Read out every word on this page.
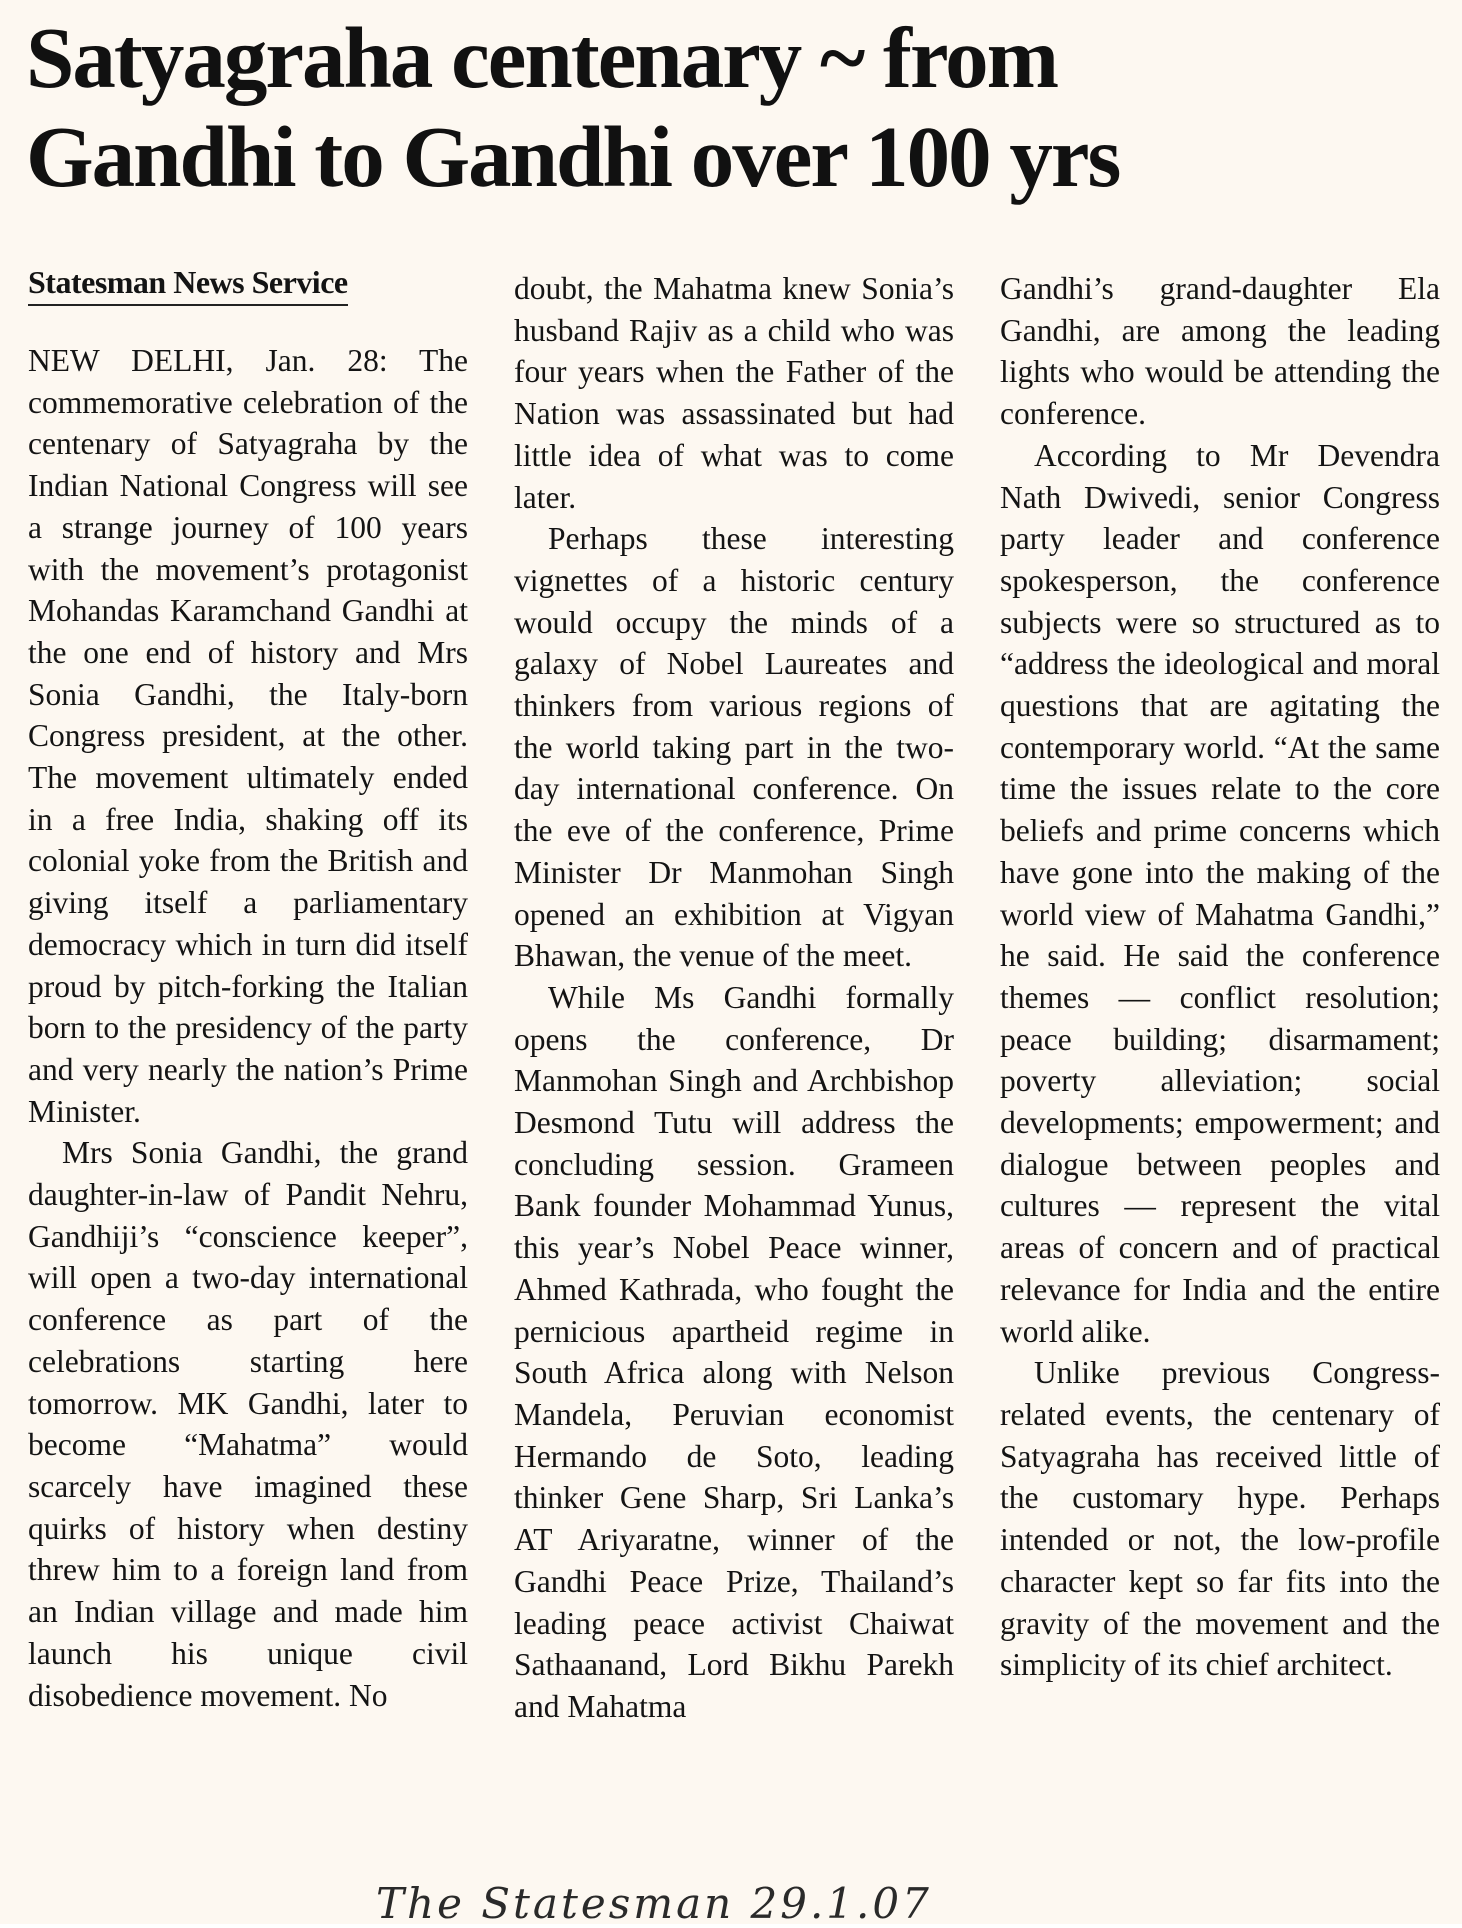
Satyagraha centenary ~ from
Gandhi to Gandhi over 100 yrs
Statesman News Service

NEW DELHI, Jan. 28: The commemorative celebration of the centenary of Satyagraha by the Indian National Congress will see a strange journey of 100 years with the movement’s protagonist Mohandas Karamchand Gandhi at the one end of history and Mrs Sonia Gandhi, the Italy-born Congress president, at the other. The movement ultimately ended in a free India, shaking off its colonial yoke from the British and giving itself a parliamentary democracy which in turn did itself proud by pitch-forking the Italian born to the presidency of the party and very nearly the nation’s Prime Minister.

Mrs Sonia Gandhi, the grand daughter-in-law of Pandit Nehru, Gandhiji’s “conscience keeper”, will open a two-day international conference as part of the celebrations starting here tomorrow. MK Gandhi, later to become “Mahatma” would scarcely have imagined these quirks of history when destiny threw him to a foreign land from an Indian village and made him launch his unique civil disobedience movement. No

doubt, the Mahatma knew Sonia’s husband Rajiv as a child who was four years when the Father of the Nation was assassinated but had little idea of what was to come later.

Perhaps these interesting vignettes of a historic century would occupy the minds of a galaxy of Nobel Laureates and thinkers from various regions of the world taking part in the two-day international conference. On the eve of the conference, Prime Minister Dr Manmohan Singh opened an exhibition at Vigyan Bhawan, the venue of the meet.

While Ms Gandhi formally opens the conference, Dr Manmohan Singh and Archbishop Desmond Tutu will address the concluding session. Grameen Bank founder Mohammad Yunus, this year’s Nobel Peace winner, Ahmed Kathrada, who fought the pernicious apartheid regime in South Africa along with Nelson Mandela, Peruvian economist Hermando de Soto, leading thinker Gene Sharp, Sri Lanka’s AT Ariyaratne, winner of the Gandhi Peace Prize, Thailand’s leading peace activist Chaiwat Sathaanand, Lord Bikhu Parekh and Mahatma

Gandhi’s grand-daughter Ela Gandhi, are among the leading lights who would be attending the conference.

According to Mr Devendra Nath Dwivedi, senior Congress party leader and conference spokesperson, the conference subjects were so structured as to “address the ideological and moral questions that are agitating the contemporary world. “At the same time the issues relate to the core beliefs and prime concerns which have gone into the making of the world view of Mahatma Gandhi,” he said. He said the conference themes — conflict resolution; peace building; disarmament; poverty alleviation; social developments; empowerment; and dialogue between peoples and cultures — represent the vital areas of concern and of practical relevance for India and the entire world alike.

Unlike previous Congress-related events, the centenary of Satyagraha has received little of the customary hype. Perhaps intended or not, the low-profile character kept so far fits into the gravity of the movement and the simplicity of its chief architect.

The Statesman 29.1.07
